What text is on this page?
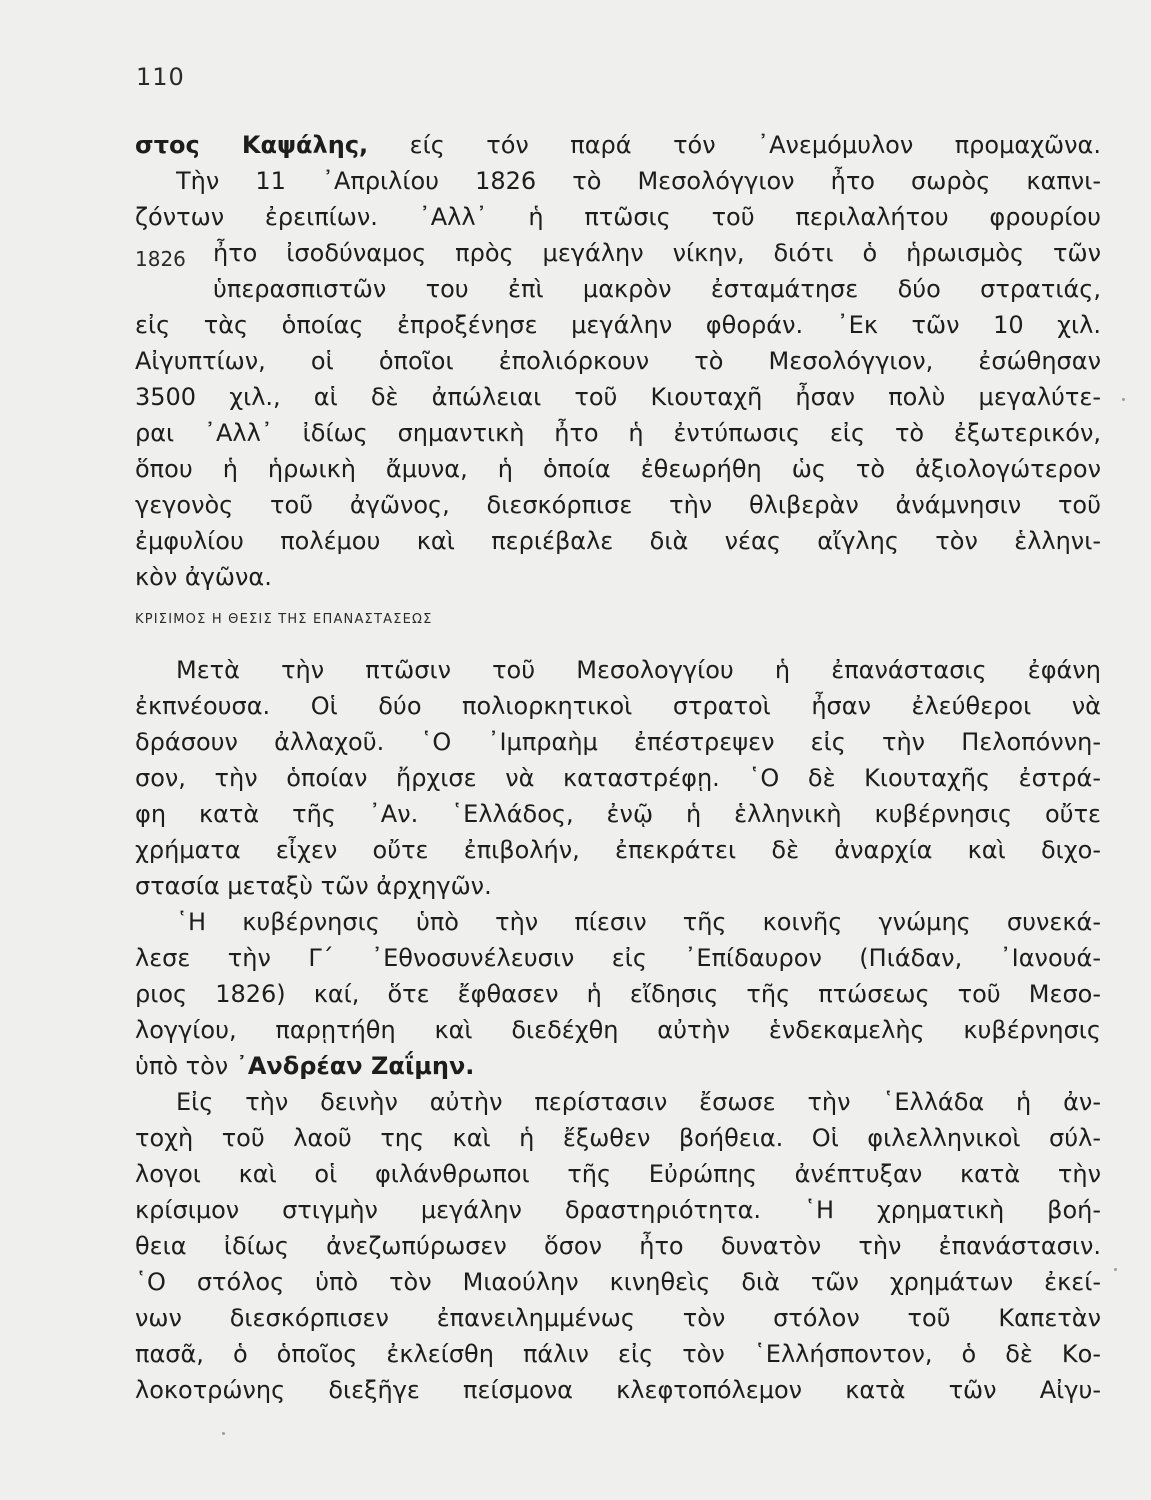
110
στος Καψάλης, είς τόν παρά τόν ᾽Ανεμόμυλον προμαχῶνα.
Τὴν 11 ᾽Απριλίου 1826 τὸ Μεσολόγγιον ἦτο σωρὸς καπνι-
ζόντων ἐρειπίων. ᾽Αλλ᾽ ἡ πτῶσις τοῦ περιλαλήτου φρουρίου
1826 ἦτο ἰσοδύναμος πρὸς μεγάλην νίκην, διότι ὁ ἡρωισμὸς τῶν
ὑπερασπιστῶν του ἐπὶ μακρὸν ἐσταμάτησε δύο στρατιάς,
εἰς τὰς ὁποίας ἐπροξένησε μεγάλην φθοράν. ᾽Εκ τῶν 10 χιλ.
Αἰγυπτίων, οἱ ὁποῖοι ἐπολιόρκουν τὸ Μεσολόγγιον, ἐσώθησαν
3500 χιλ., αἱ δὲ ἀπώλειαι τοῦ Κιουταχῆ ἦσαν πολὺ μεγαλύτε-
ραι ᾽Αλλ᾽ ἰδίως σημαντικὴ ἦτο ἡ ἐντύπωσις εἰς τὸ ἐξωτερικόν,
ὅπου ἡ ἡρωικὴ ἄμυνα, ἡ ὁποία ἐθεωρήθη ὡς τὸ ἀξιολογώτερον
γεγονὸς τοῦ ἀγῶνος, διεσκόρπισε τὴν θλιβερὰν ἀνάμνησιν τοῦ
ἐμφυλίου πολέμου καὶ περιέβαλε διὰ νέας αἴγλης τὸν ἑλληνι-
κὸν ἀγῶνα.
ΚΡΙΣΙΜΟΣ Η ΘΕΣΙΣ ΤΗΣ ΕΠΑΝΑΣΤΑΣΕΩΣ
Μετὰ τὴν πτῶσιν τοῦ Μεσολογγίου ἡ ἐπανάστασις ἐφάνη
ἐκπνέουσα. Οἱ δύο πολιορκητικοὶ στρατοὶ ἦσαν ἐλεύθεροι νὰ
δράσουν ἀλλαχοῦ. ῾Ο ᾽Ιμπραὴμ ἐπέστρεψεν εἰς τὴν Πελοπόννη-
σον, τὴν ὁποίαν ἤρχισε νὰ καταστρέφῃ. ῾Ο δὲ Κιουταχῆς ἐστρά-
φη κατὰ τῆς ᾽Αν. ῾Ελλάδος, ἐνῷ ἡ ἑλληνικὴ κυβέρνησις οὔτε
χρήματα εἶχεν οὔτε ἐπιβολήν, ἐπεκράτει δὲ ἀναρχία καὶ διχο-
στασία μεταξὺ τῶν ἀρχηγῶν.
῾Η κυβέρνησις ὑπὸ τὴν πίεσιν τῆς κοινῆς γνώμης συνεκά-
λεσε τὴν Γ΄ ᾽Εθνοσυνέλευσιν εἰς ᾽Επίδαυρον (Πιάδαν, ᾽Ιανουά-
ριος 1826) καί, ὅτε ἔφθασεν ἡ εἴδησις τῆς πτώσεως τοῦ Μεσο-
λογγίου, παρῃτήθη καὶ διεδέχθη αὐτὴν ἑνδεκαμελὴς κυβέρνησις
ὑπὸ τὸν ᾽Ανδρέαν Ζαΐμην.
Εἰς τὴν δεινὴν αὐτὴν περίστασιν ἔσωσε τὴν ῾Ελλάδα ἡ ἀν-
τοχὴ τοῦ λαοῦ της καὶ ἡ ἔξωθεν βοήθεια. Οἱ φιλελληνικοὶ σύλ-
λογοι καὶ οἱ φιλάνθρωποι τῆς Εὐρώπης ἀνέπτυξαν κατὰ τὴν
κρίσιμον στιγμὴν μεγάλην δραστηριότητα. ῾Η χρηματικὴ βοή-
θεια ἰδίως ἀνεζωπύρωσεν ὅσον ἦτο δυνατὸν τὴν ἐπανάστασιν.
῾Ο στόλος ὑπὸ τὸν Μιαούλην κινηθεὶς διὰ τῶν χρημάτων ἐκεί-
νων διεσκόρπισεν ἐπανειλημμένως τὸν στόλον τοῦ Καπετὰν
πασᾶ, ὁ ὁποῖος ἐκλείσθη πάλιν εἰς τὸν ῾Ελλήσποντον, ὁ δὲ Κο-
λοκοτρώνης διεξῆγε πείσμονα κλεφτοπόλεμον κατὰ τῶν Αἰγυ-
